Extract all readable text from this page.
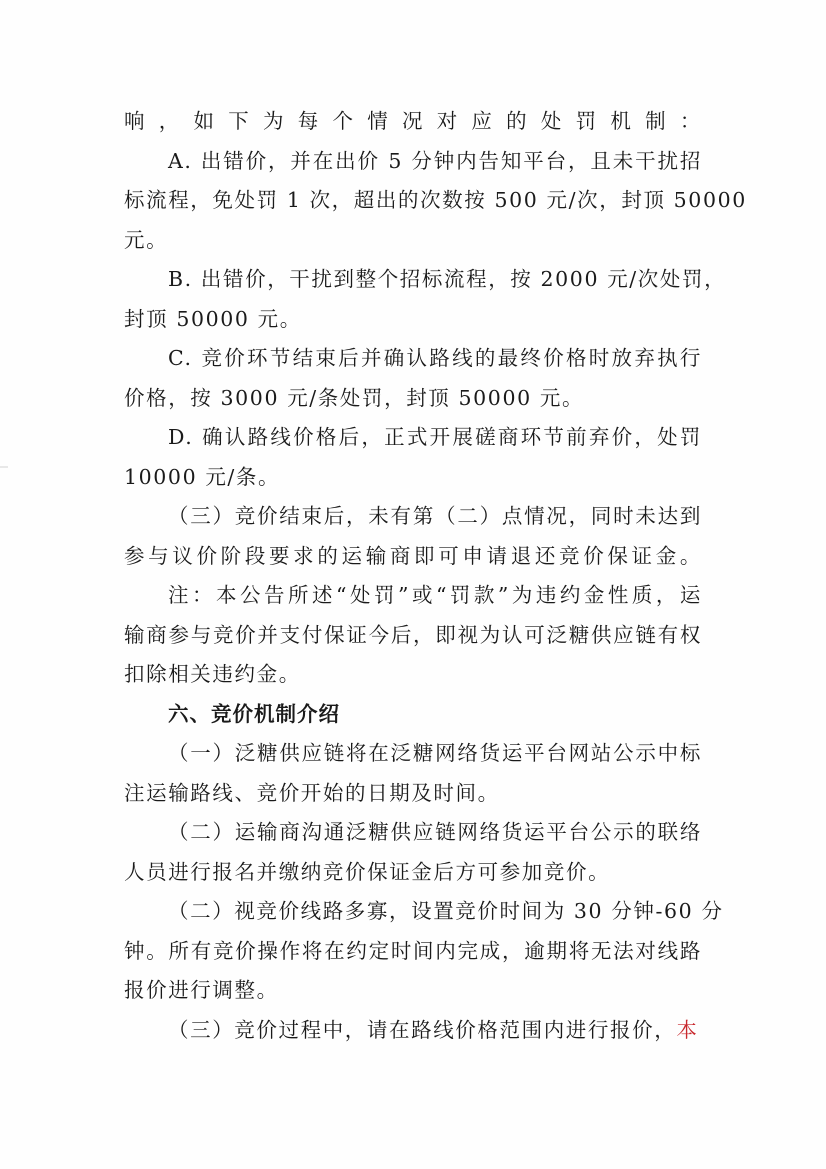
响，如下为每个情况对应的处罚机制：
A. 出错价，并在出价 5 分钟内告知平台，且未干扰招
标流程，免处罚 1 次，超出的次数按 500 元/次，封顶 50000
元。
B. 出错价，干扰到整个招标流程，按 2000 元/次处罚，
封顶 50000 元。
C. 竞价环节结束后并确认路线的最终价格时放弃执行
价格，按 3000 元/条处罚，封顶 50000 元。
D. 确认路线价格后，正式开展磋商环节前弃价，处罚
10000 元/条。
（三）竞价结束后，未有第（二）点情况，同时未达到
参与议价阶段要求的运输商即可申请退还竞价保证金。
注：本公告所述“处罚”或“罚款”为违约金性质，运
输商参与竞价并支付保证今后，即视为认可泛糖供应链有权
扣除相关违约金。
六、竞价机制介绍
（一）泛糖供应链将在泛糖网络货运平台网站公示中标
注运输路线、竞价开始的日期及时间。
（二）运输商沟通泛糖供应链网络货运平台公示的联络
人员进行报名并缴纳竞价保证金后方可参加竞价。
（二）视竞价线路多寡，设置竞价时间为 30 分钟-60 分
钟。所有竞价操作将在约定时间内完成，逾期将无法对线路
报价进行调整。
（三）竞价过程中，请在路线价格范围内进行报价，本
